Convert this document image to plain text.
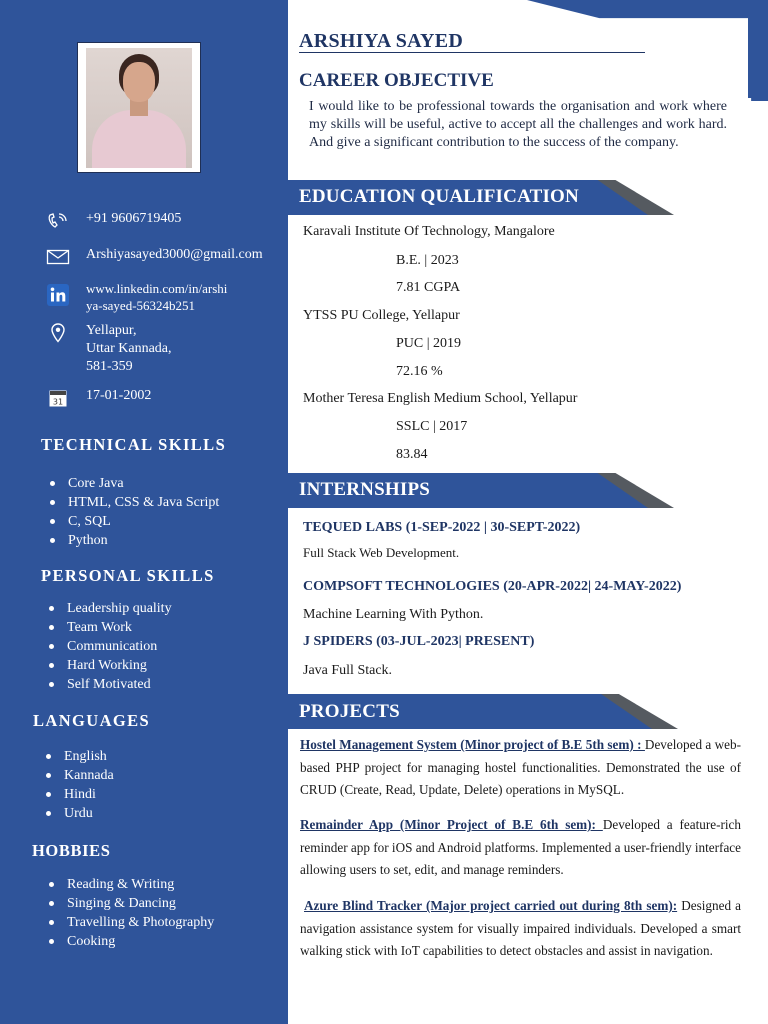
+91 9606719405
Arshiyasayed3000@gmail.com
www.linkedin.com/in/arshi
ya-sayed-56324b251
Yellapur,
Uttar Kannada,
581-359
31 17-01-2002
TECHNICAL SKILLS
Core Java
HTML, CSS & Java Script
C, SQL
Python
PERSONAL SKILLS
Leadership quality
Team Work
Communication
Hard Working
Self Motivated
LANGUAGES
English
Kannada
Hindi
Urdu
HOBBIES
Reading & Writing
Singing & Dancing
Travelling & Photography
Cooking
ARSHIYA SAYED
CAREER OBJECTIVE
I would like to be professional towards the organisation and work where my skills will be useful, active to accept all the challenges and work hard. And give a significant contribution to the success of the company.
EDUCATION QUALIFICATION
Karavali Institute Of Technology, Mangalore
B.E. | 2023
7.81 CGPA
YTSS PU College, Yellapur
PUC | 2019
72.16 %
Mother Teresa English Medium School, Yellapur
SSLC | 2017
83.84
INTERNSHIPS
TEQUED LABS (1-SEP-2022 | 30-SEPT-2022)
Full Stack Web Development.
COMPSOFT TECHNOLOGIES (20-APR-2022| 24-MAY-2022)
Machine Learning With Python.
J SPIDERS (03-JUL-2023| PRESENT)
Java Full Stack.
PROJECTS
Hostel Management System (Minor project of B.E 5th sem) : Developed a web-based PHP project for managing hostel functionalities. Demonstrated the use of CRUD (Create, Read, Update, Delete) operations in MySQL.
Remainder App (Minor Project of B.E 6th sem): Developed a feature-rich reminder app for iOS and Android platforms. Implemented a user-friendly interface allowing users to set, edit, and manage reminders.
Azure Blind Tracker (Major project carried out during 8th sem): Designed a navigation assistance system for visually impaired individuals. Developed a smart walking stick with IoT capabilities to detect obstacles and assist in navigation.
